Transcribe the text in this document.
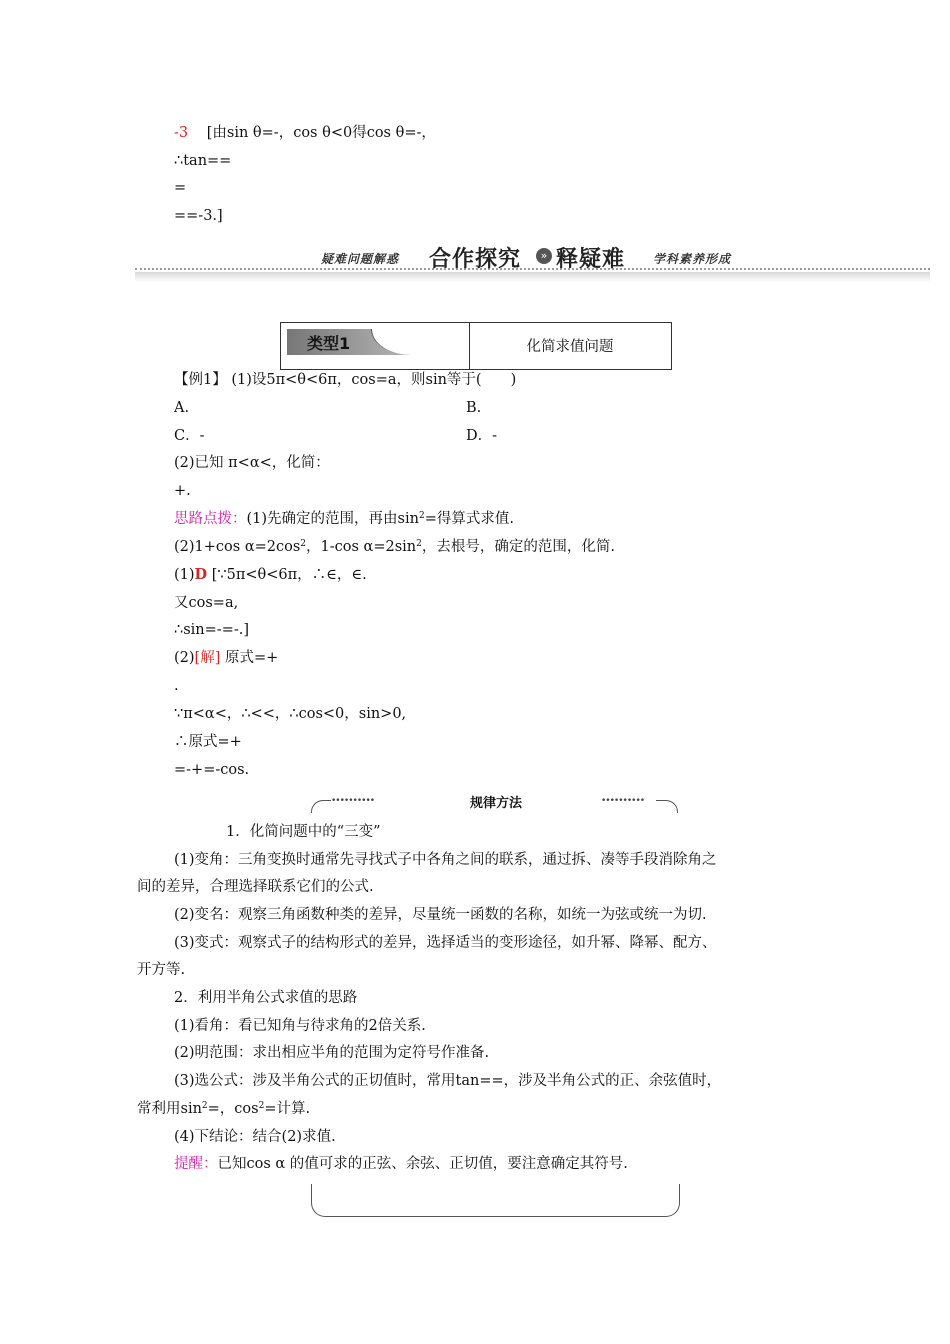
-3 [由sin θ=-，cos θ<0得cos θ=-，
∴tan==
=
==-3.]
疑难问题解惑 合作探究	» 释疑难 学科素养形成
类型1	化简求值问题
【例1】 (1)设5π<θ<6π，cos=a，则sin等于(　　)
A.	B.
C．-	D．-
(2)已知 π<α<，化简：
+.
思路点拨：(1)先确定的范围，再由$\sin^2=$得算式求值.
(2)1+cos $\alpha=2\cos^2$，1-cos $\alpha=2\sin^2$，去根号，确定的范围，化简.
(1)D [∵5π<θ<6π，∴∈，∈.
又cos=a,
∴sin=-=-.]
(2)[解] 原式=+
.
∵π<α<，∴<<，∴cos<0，sin>0,
∴原式=+
=-+=-cos.
••••••••••	规律方法	••••••••••
1．化简问题中的“三变”
(1)变角：三角变换时通常先寻找式子中各角之间的联系，通过拆、凑等手段消除角之
间的差异，合理选择联系它们的公式.
(2)变名：观察三角函数种类的差异，尽量统一函数的名称，如统一为弦或统一为切.
(3)变式：观察式子的结构形式的差异，选择适当的变形途径，如升幂、降幂、配方、
开方等.
2．利用半角公式求值的思路
(1)看角：看已知角与待求角的2倍关系.
(2)明范围：求出相应半角的范围为定符号作准备.
(3)选公式：涉及半角公式的正切值时，常用tan==，涉及半角公式的正、余弦值时，
常利用$\sin^2=$，$\cos^2=$计算.
(4)下结论：结合(2)求值.
提醒：已知cos α 的值可求的正弦、余弦、正切值，要注意确定其符号.
